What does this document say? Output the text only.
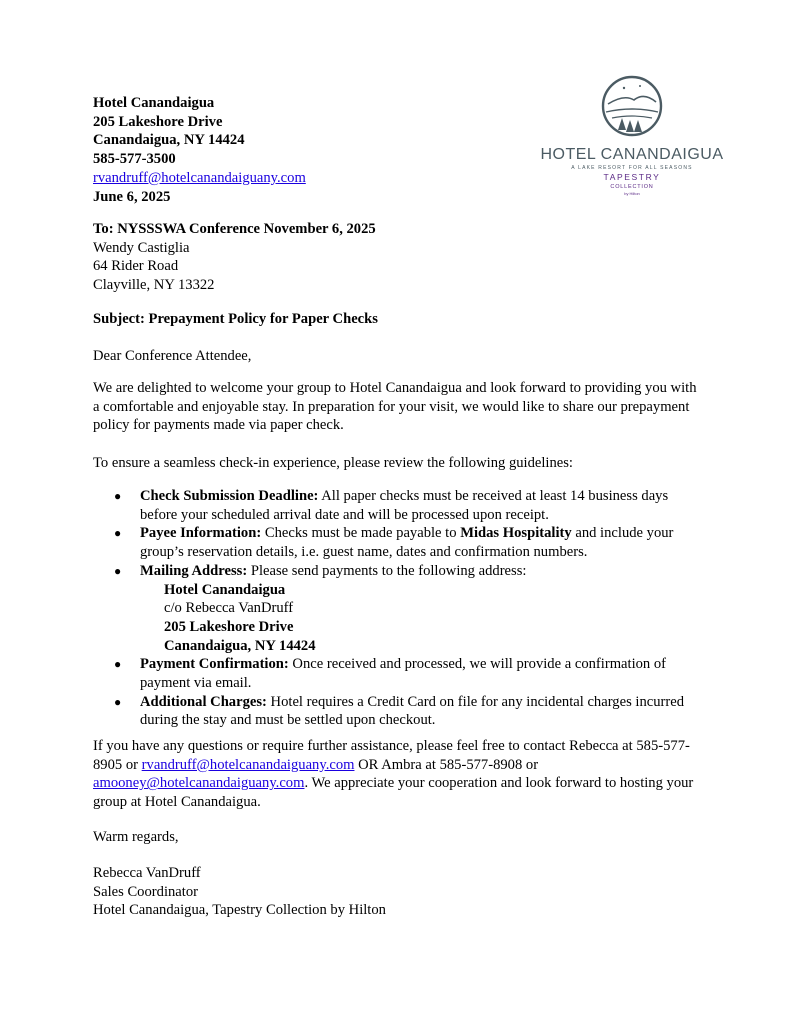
Hotel Canandaigua
205 Lakeshore Drive
Canandaigua, NY 14424
585-577-3500
rvandruff@hotelcanandaiguany.com
June 6, 2025
HOTEL CANANDAIGUA
A LAKE RESORT FOR ALL SEASONS
TAPESTRY
COLLECTION
by Hilton
To: NYSSSWA Conference November 6, 2025
Wendy Castiglia
64 Rider Road
Clayville, NY 13322
Subject: Prepayment Policy for Paper Checks
Dear Conference Attendee,
We are delighted to welcome your group to Hotel Canandaigua and look forward to providing you with a comfortable and enjoyable stay. In preparation for your visit, we would like to share our prepayment policy for payments made via paper check.
To ensure a seamless check-in experience, please review the following guidelines:
● Check Submission Deadline: All paper checks must be received at least 14 business days before your scheduled arrival date and will be processed upon receipt.
● Payee Information: Checks must be made payable to Midas Hospitality and include your group’s reservation details, i.e. guest name, dates and confirmation numbers.
● Mailing Address: Please send payments to the following address:
Hotel Canandaigua
c/o Rebecca VanDruff
205 Lakeshore Drive
Canandaigua, NY 14424
● Payment Confirmation: Once received and processed, we will provide a confirmation of payment via email.
● Additional Charges: Hotel requires a Credit Card on file for any incidental charges incurred during the stay and must be settled upon checkout.
If you have any questions or require further assistance, please feel free to contact Rebecca at 585-577- 8905 or rvandruff@hotelcanandaiguany.com OR Ambra at 585-577-8908 or amooney@hotelcanandaiguany.com. We appreciate your cooperation and look forward to hosting your group at Hotel Canandaigua.
Warm regards,
Rebecca VanDruff
Sales Coordinator
Hotel Canandaigua, Tapestry Collection by Hilton
